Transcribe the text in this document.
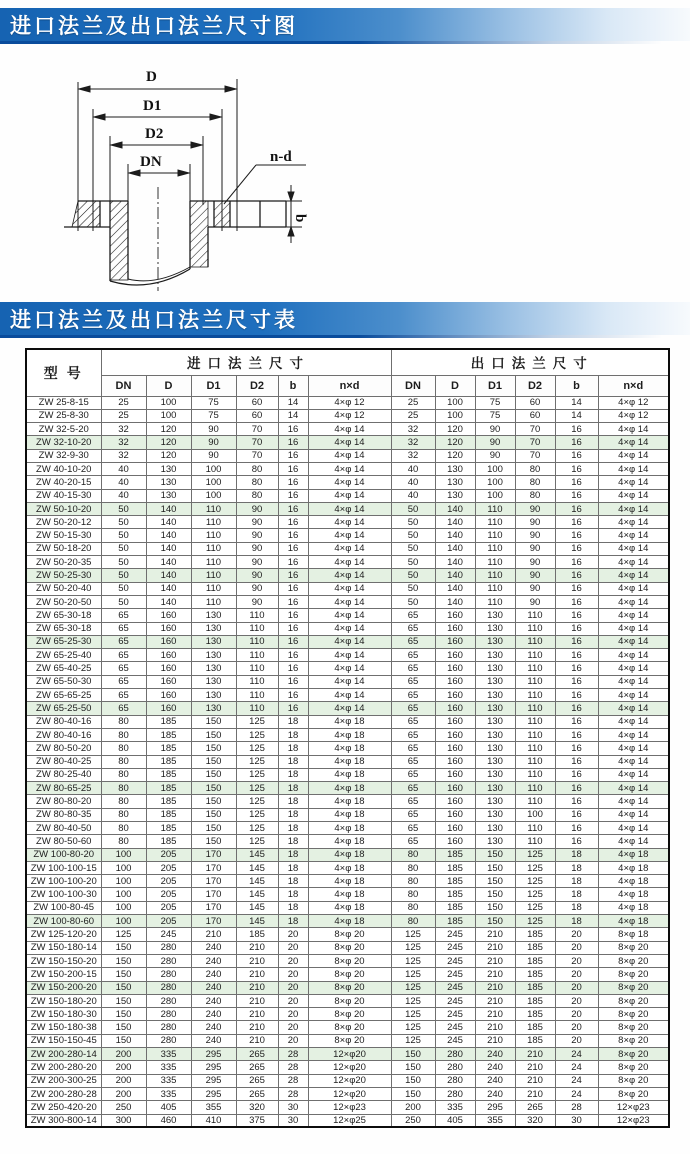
进口法兰及出口法兰尺寸图
D
D1
D2
DN	n-d
b
进口法兰及出口法兰尺寸表
型号	进口法兰尺寸						出口法兰尺寸					
	DN	D	D1	D2	b	n×d	DN	D	D1	D2	b	n×d
ZW 25-8-15	25	100	75	60	14	4×φ 12	25	100	75	60	14	4×φ 12
ZW 25-8-30	25	100	75	60	14	4×φ 12	25	100	75	60	14	4×φ 12
ZW 32-5-20	32	120	90	70	16	4×φ 14	32	120	90	70	16	4×φ 14
ZW 32-10-20	32	120	90	70	16	4×φ 14	32	120	90	70	16	4×φ 14
ZW 32-9-30	32	120	90	70	16	4×φ 14	32	120	90	70	16	4×φ 14
ZW 40-10-20	40	130	100	80	16	4×φ 14	40	130	100	80	16	4×φ 14
ZW 40-20-15	40	130	100	80	16	4×φ 14	40	130	100	80	16	4×φ 14
ZW 40-15-30	40	130	100	80	16	4×φ 14	40	130	100	80	16	4×φ 14
ZW 50-10-20	50	140	110	90	16	4×φ 14	50	140	110	90	16	4×φ 14
ZW 50-20-12	50	140	110	90	16	4×φ 14	50	140	110	90	16	4×φ 14
ZW 50-15-30	50	140	110	90	16	4×φ 14	50	140	110	90	16	4×φ 14
ZW 50-18-20	50	140	110	90	16	4×φ 14	50	140	110	90	16	4×φ 14
ZW 50-20-35	50	140	110	90	16	4×φ 14	50	140	110	90	16	4×φ 14
ZW 50-25-30	50	140	110	90	16	4×φ 14	50	140	110	90	16	4×φ 14
ZW 50-20-40	50	140	110	90	16	4×φ 14	50	140	110	90	16	4×φ 14
ZW 50-20-50	50	140	110	90	16	4×φ 14	50	140	110	90	16	4×φ 14
ZW 65-30-18	65	160	130	110	16	4×φ 14	65	160	130	110	16	4×φ 14
ZW 65-30-18	65	160	130	110	16	4×φ 14	65	160	130	110	16	4×φ 14
ZW 65-25-30	65	160	130	110	16	4×φ 14	65	160	130	110	16	4×φ 14
ZW 65-25-40	65	160	130	110	16	4×φ 14	65	160	130	110	16	4×φ 14
ZW 65-40-25	65	160	130	110	16	4×φ 14	65	160	130	110	16	4×φ 14
ZW 65-50-30	65	160	130	110	16	4×φ 14	65	160	130	110	16	4×φ 14
ZW 65-65-25	65	160	130	110	16	4×φ 14	65	160	130	110	16	4×φ 14
ZW 65-25-50	65	160	130	110	16	4×φ 14	65	160	130	110	16	4×φ 14
ZW 80-40-16	80	185	150	125	18	4×φ 18	65	160	130	110	16	4×φ 14
ZW 80-40-16	80	185	150	125	18	4×φ 18	65	160	130	110	16	4×φ 14
ZW 80-50-20	80	185	150	125	18	4×φ 18	65	160	130	110	16	4×φ 14
ZW 80-40-25	80	185	150	125	18	4×φ 18	65	160	130	110	16	4×φ 14
ZW 80-25-40	80	185	150	125	18	4×φ 18	65	160	130	110	16	4×φ 14
ZW 80-65-25	80	185	150	125	18	4×φ 18	65	160	130	110	16	4×φ 14
ZW 80-80-20	80	185	150	125	18	4×φ 18	65	160	130	110	16	4×φ 14
ZW 80-80-35	80	185	150	125	18	4×φ 18	65	160	130	100	16	4×φ 14
ZW 80-40-50	80	185	150	125	18	4×φ 18	65	160	130	110	16	4×φ 14
ZW 80-50-60	80	185	150	125	18	4×φ 18	65	160	130	110	16	4×φ 14
ZW 100-80-20	100	205	170	145	18	4×φ 18	80	185	150	125	18	4×φ 18
ZW 100-100-15	100	205	170	145	18	4×φ 18	80	185	150	125	18	4×φ 18
ZW 100-100-20	100	205	170	145	18	4×φ 18	80	185	150	125	18	4×φ 18
ZW 100-100-30	100	205	170	145	18	4×φ 18	80	185	150	125	18	4×φ 18
ZW 100-80-45	100	205	170	145	18	4×φ 18	80	185	150	125	18	4×φ 18
ZW 100-80-60	100	205	170	145	18	4×φ 18	80	185	150	125	18	4×φ 18
ZW 125-120-20	125	245	210	185	20	8×φ 20	125	245	210	185	20	8×φ 18
ZW 150-180-14	150	280	240	210	20	8×φ 20	125	245	210	185	20	8×φ 20
ZW 150-150-20	150	280	240	210	20	8×φ 20	125	245	210	185	20	8×φ 20
ZW 150-200-15	150	280	240	210	20	8×φ 20	125	245	210	185	20	8×φ 20
ZW 150-200-20	150	280	240	210	20	8×φ 20	125	245	210	185	20	8×φ 20
ZW 150-180-20	150	280	240	210	20	8×φ 20	125	245	210	185	20	8×φ 20
ZW 150-180-30	150	280	240	210	20	8×φ 20	125	245	210	185	20	8×φ 20
ZW 150-180-38	150	280	240	210	20	8×φ 20	125	245	210	185	20	8×φ 20
ZW 150-150-45	150	280	240	210	20	8×φ 20	125	245	210	185	20	8×φ 20
ZW 200-280-14	200	335	295	265	28	12×φ20	150	280	240	210	24	8×φ 20
ZW 200-280-20	200	335	295	265	28	12×φ20	150	280	240	210	24	8×φ 20
ZW 200-300-25	200	335	295	265	28	12×φ20	150	280	240	210	24	8×φ 20
ZW 200-280-28	200	335	295	265	28	12×φ20	150	280	240	210	24	8×φ 20
ZW 250-420-20	250	405	355	320	30	12×φ23	200	335	295	265	28	12×φ23
ZW 300-800-14	300	460	410	375	30	12×φ25	250	405	355	320	30	12×φ23
